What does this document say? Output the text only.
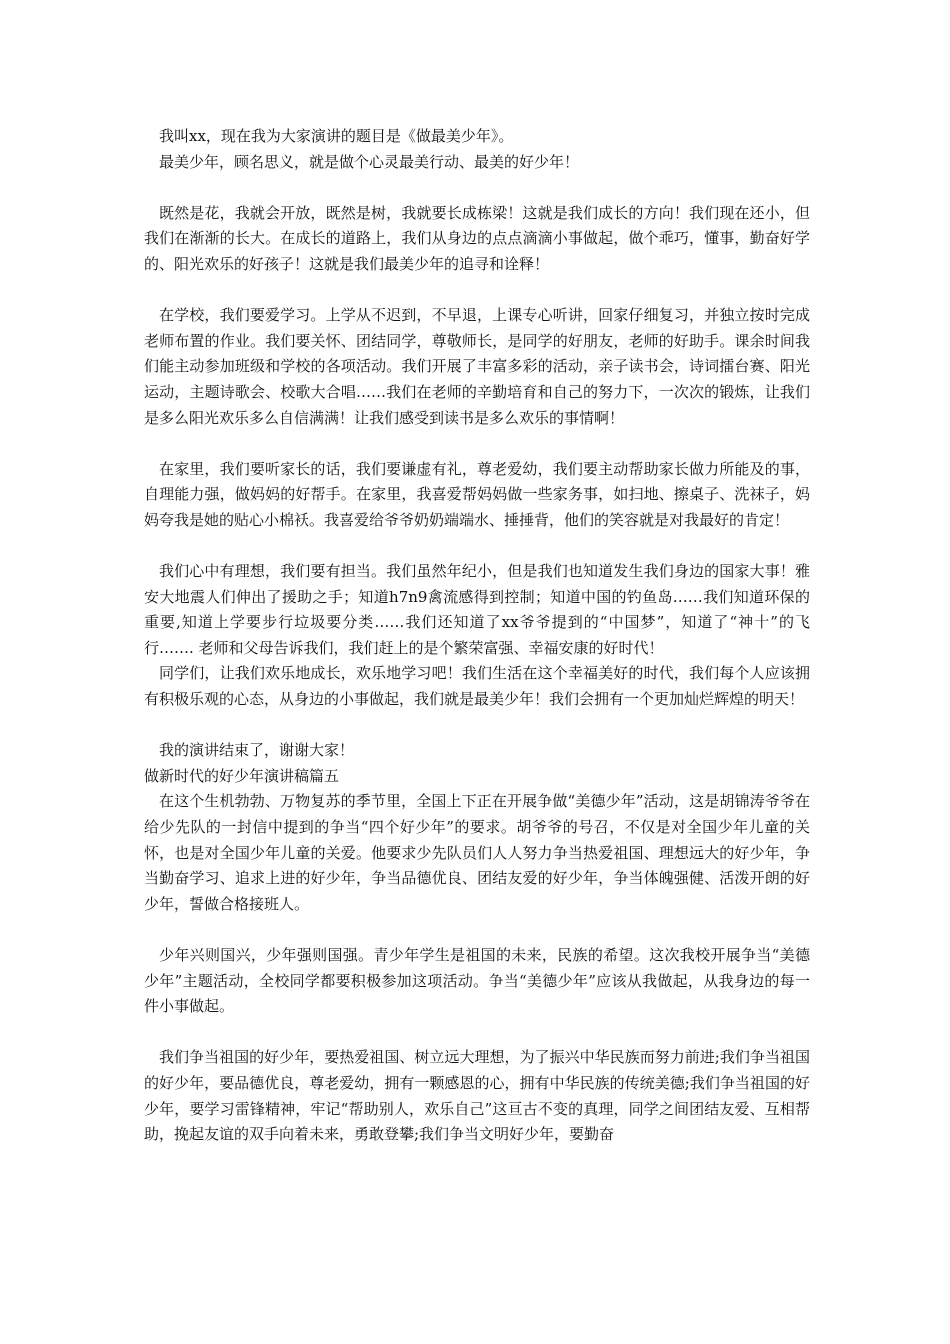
我叫xx，现在我为大家演讲的题目是《做最美少年》。

最美少年，顾名思义，就是做个心灵最美行动、最美的好少年！

既然是花，我就会开放，既然是树，我就要长成栋梁！这就是我们成长的方向！我们现在还小，但我们在渐渐的长大。在成长的道路上，我们从身边的点点滴滴小事做起，做个乖巧，懂事，勤奋好学的、阳光欢乐的好孩子！这就是我们最美少年的追寻和诠释！

在学校，我们要爱学习。上学从不迟到，不早退，上课专心听讲，回家仔细复习，并独立按时完成老师布置的作业。我们要关怀、团结同学，尊敬师长，是同学的好朋友，老师的好助手。课余时间我们能主动参加班级和学校的各项活动。我们开展了丰富多彩的活动，亲子读书会，诗词擂台赛、阳光运动，主题诗歌会、校歌大合唱……我们在老师的辛勤培育和自己的努力下，一次次的锻炼，让我们是多么阳光欢乐多么自信满满！让我们感受到读书是多么欢乐的事情啊！

在家里，我们要听家长的话，我们要谦虚有礼，尊老爱幼，我们要主动帮助家长做力所能及的事，自理能力强，做妈妈的好帮手。在家里，我喜爱帮妈妈做一些家务事，如扫地、擦桌子、洗袜子，妈妈夸我是她的贴心小棉袄。我喜爱给爷爷奶奶端端水、捶捶背，他们的笑容就是对我最好的肯定！

我们心中有理想，我们要有担当。我们虽然年纪小，但是我们也知道发生我们身边的国家大事！雅安大地震人们伸出了援助之手；知道h7n9禽流感得到控制；知道中国的钓鱼岛……我们知道环保的重要,知道上学要步行垃圾要分类……我们还知道了xx爷爷提到的“中国梦”，知道了“神十”的飞行……. 老师和父母告诉我们，我们赶上的是个繁荣富强、幸福安康的好时代！

同学们，让我们欢乐地成长，欢乐地学习吧！我们生活在这个幸福美好的时代，我们每个人应该拥有积极乐观的心态，从身边的小事做起，我们就是最美少年！我们会拥有一个更加灿烂辉煌的明天！

我的演讲结束了，谢谢大家！

做新时代的好少年演讲稿篇五

在这个生机勃勃、万物复苏的季节里，全国上下正在开展争做“美德少年”活动，这是胡锦涛爷爷在给少先队的一封信中提到的争当“四个好少年”的要求。胡爷爷的号召，不仅是对全国少年儿童的关怀，也是对全国少年儿童的关爱。他要求少先队员们人人努力争当热爱祖国、理想远大的好少年，争当勤奋学习、追求上进的好少年，争当品德优良、团结友爱的好少年，争当体魄强健、活泼开朗的好少年，誓做合格接班人。

少年兴则国兴，少年强则国强。青少年学生是祖国的未来，民族的希望。这次我校开展争当“美德少年”主题活动，全校同学都要积极参加这项活动。争当“美德少年”应该从我做起，从我身边的每一件小事做起。

我们争当祖国的好少年，要热爱祖国、树立远大理想，为了振兴中华民族而努力前进;我们争当祖国的好少年，要品德优良，尊老爱幼，拥有一颗感恩的心，拥有中华民族的传统美德;我们争当祖国的好少年，要学习雷锋精神，牢记“帮助别人，欢乐自己”这亘古不变的真理，同学之间团结友爱、互相帮助，挽起友谊的双手向着未来，勇敢登攀;我们争当文明好少年，要勤奋
